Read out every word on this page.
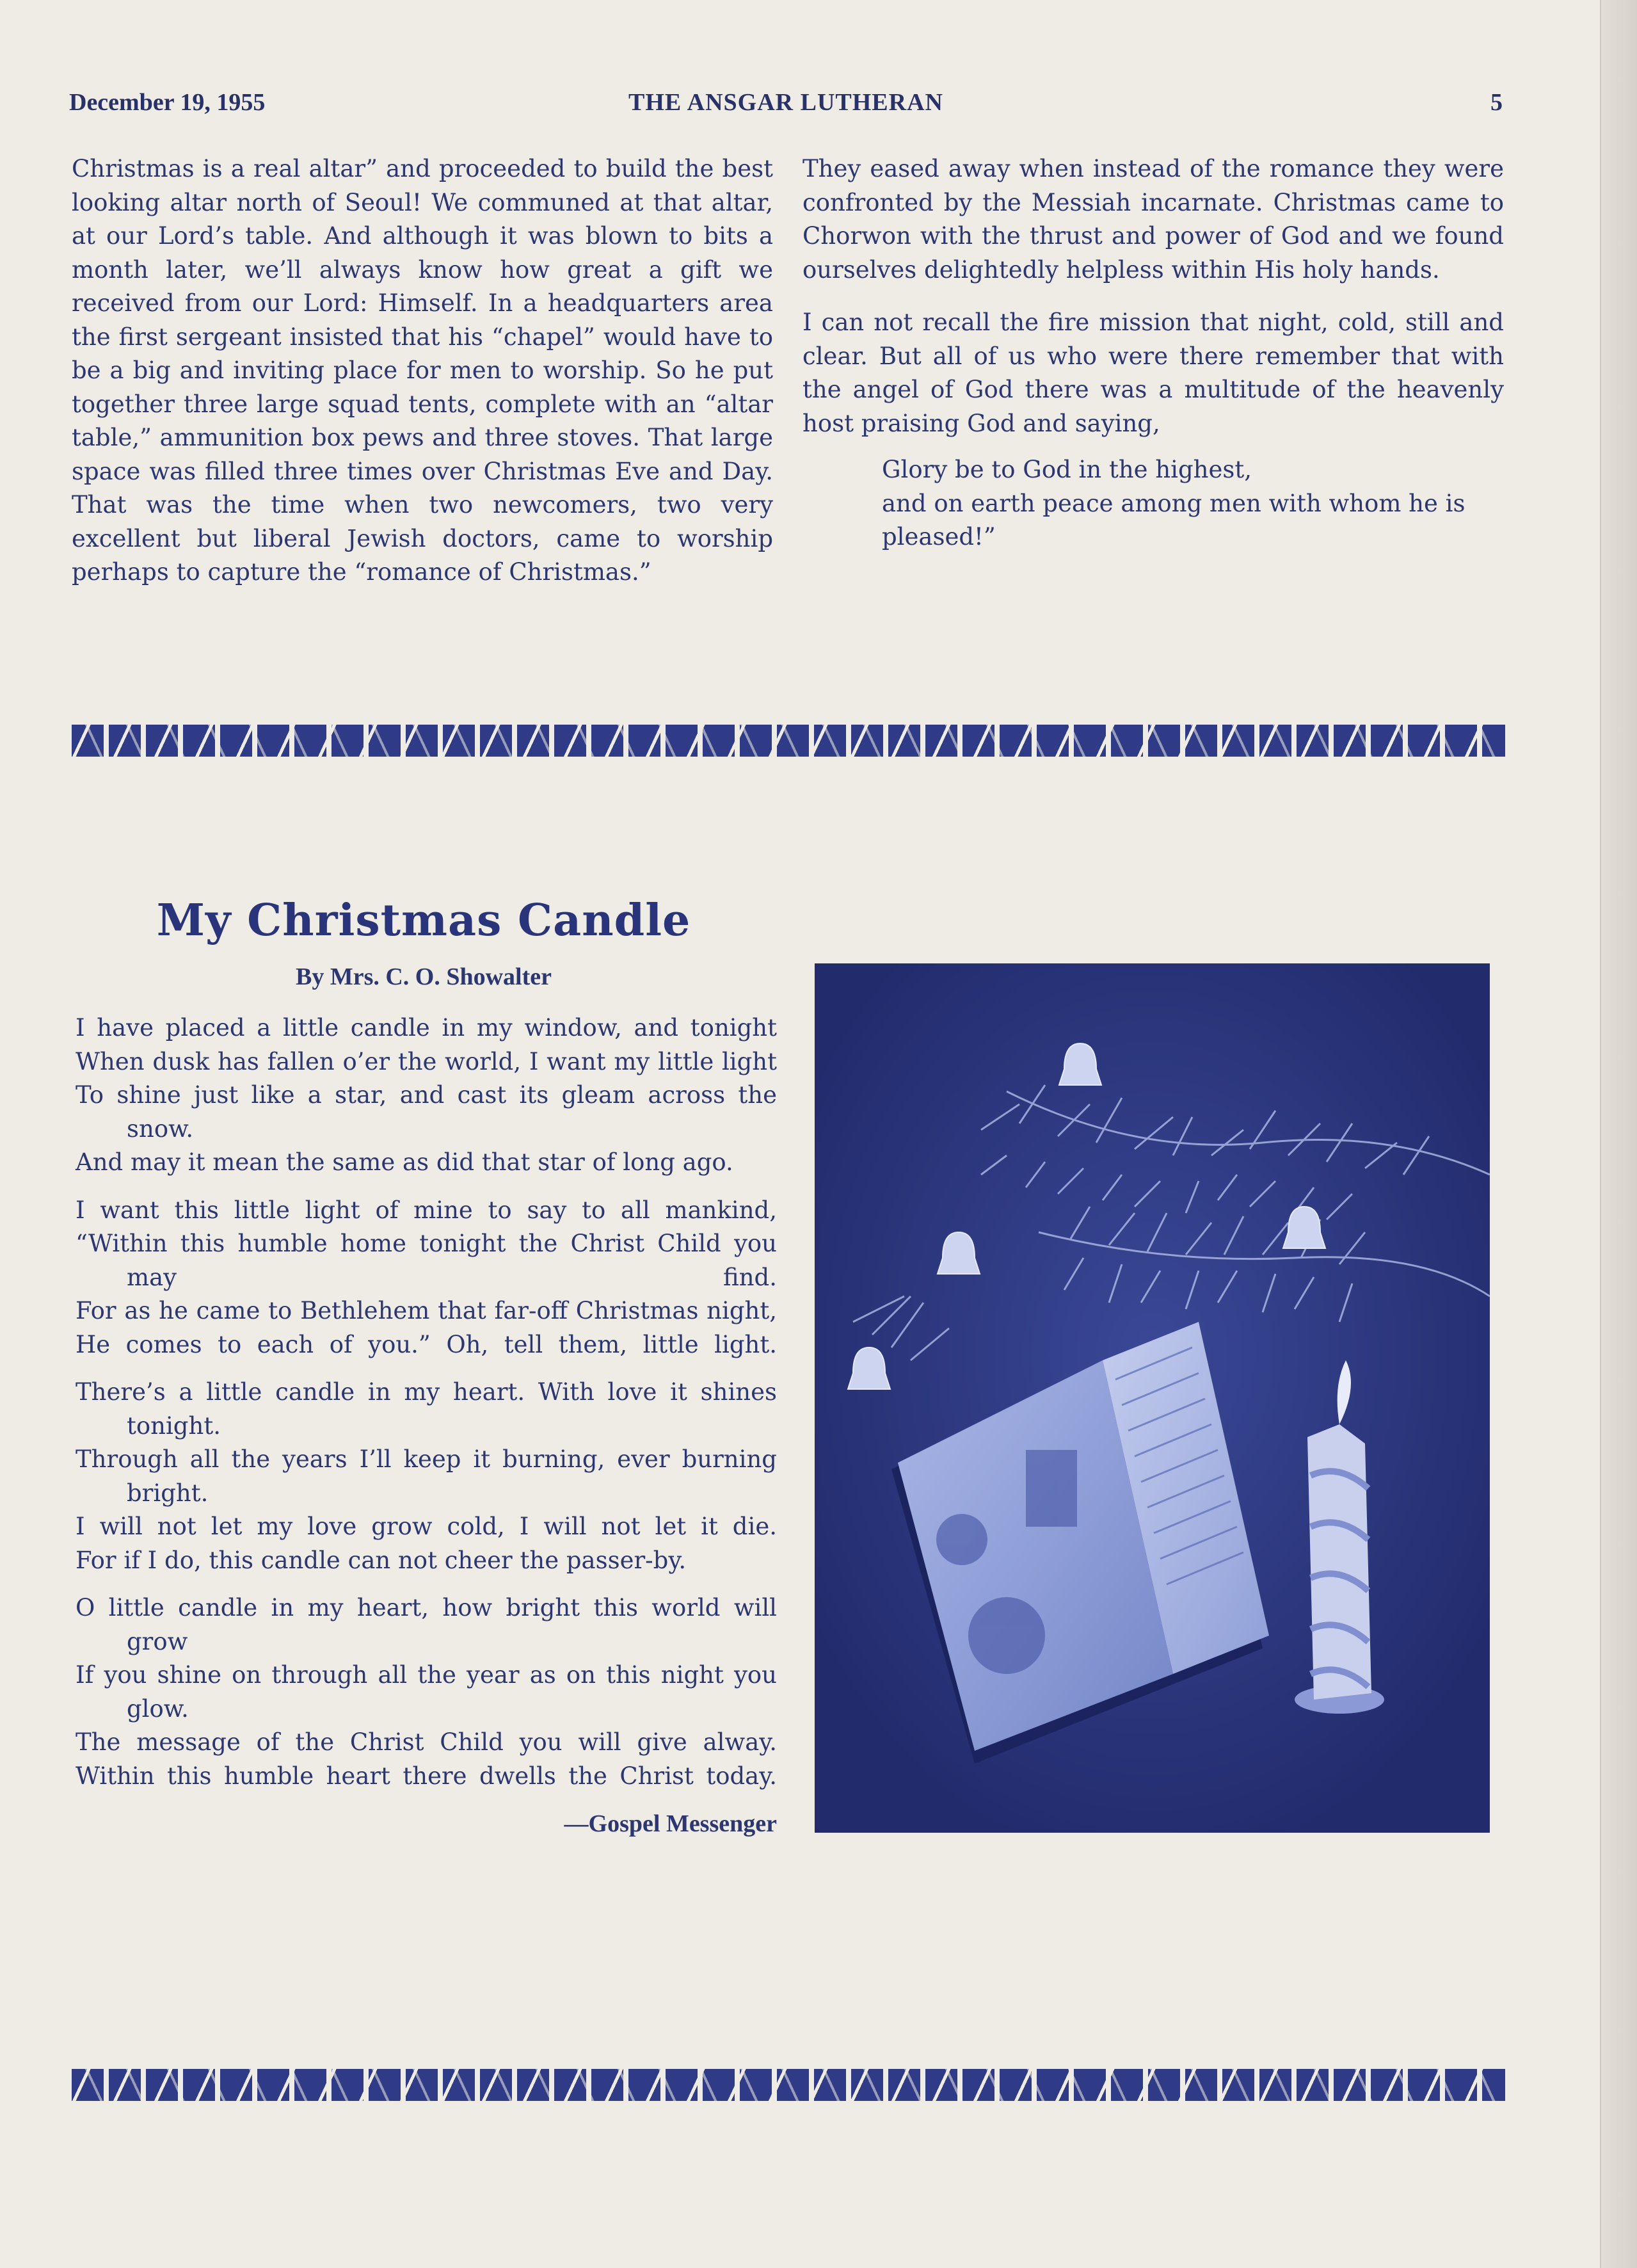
December 19, 1955	THE ANSGAR LUTHERAN	5

Christmas is a real altar” and proceeded to build the best looking altar north of Seoul! We communed at that altar, at our Lord’s table. And although it was blown to bits a month later, we’ll always know how great a gift we received from our Lord: Himself. In a headquarters area the first sergeant insisted that his “chapel” would have to be a big and inviting place for men to worship. So he put together three large squad tents, complete with an “altar table,” ammunition box pews and three stoves. That large space was filled three times over Christmas Eve and Day. That was the time when two newcomers, two very excellent but liberal Jewish doctors, came to worship perhaps to capture the “romance of Christmas.”

They eased away when instead of the romance they were confronted by the Messiah incarnate. Christmas came to Chorwon with the thrust and power of God and we found ourselves delightedly helpless within His holy hands.

I can not recall the fire mission that night, cold, still and clear. But all of us who were there remember that with the angel of God there was a multitude of the heavenly host praising God and saying,

Glory be to God in the highest,
and on earth peace among men with whom he is pleased!”
My Christmas Candle
By Mrs. C. O. Showalter
I have placed a little candle in my window, and tonight
When dusk has fallen o’er the world, I want my little light
To shine just like a star, and cast its gleam across the snow.
And may it mean the same as did that star of long ago.
I want this little light of mine to say to all mankind,
“Within this humble home tonight the Christ Child you may find.
For as he came to Bethlehem that far-off Christmas night,
He comes to each of you.” Oh, tell them, little light.
There’s a little candle in my heart. With love it shines tonight.
Through all the years I’ll keep it burning, ever burning bright.
I will not let my love grow cold, I will not let it die.
For if I do, this candle can not cheer the passer-by.
O little candle in my heart, how bright this world will grow
If you shine on through all the year as on this night you glow.
The message of the Christ Child you will give alway.
Within this humble heart there dwells the Christ today.
—Gospel Messenger
